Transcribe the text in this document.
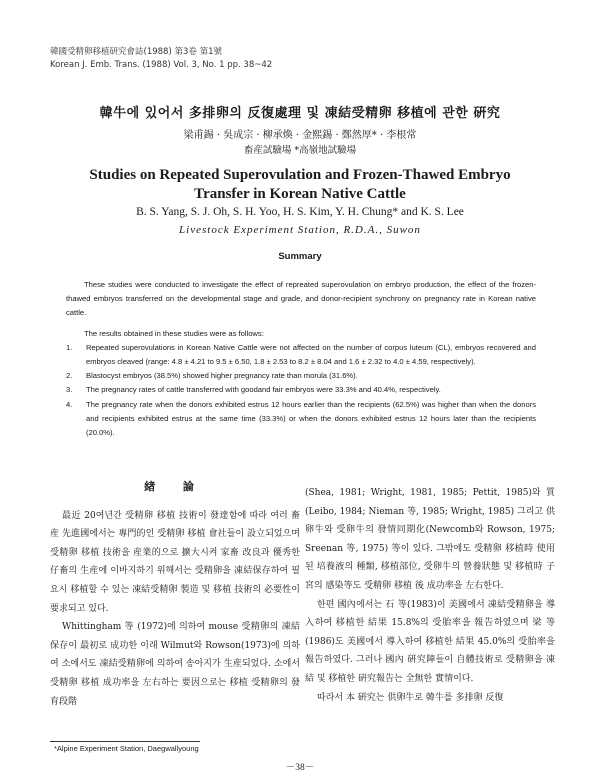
韓國受精卵移植研究會誌(1988) 第3卷 第1號
Korean J. Emb. Trans. (1988) Vol. 3, No. 1 pp. 38~42
韓牛에 있어서 多排卵의 反復處理 및 凍結受精卵 移植에 관한 硏究
梁甫錫 · 吳成宗 · 柳承煥 · 金熙錫 · 鄭然厚* · 李根常
畜産試驗場 *高嶺地試驗場
Studies on Repeated Superovulation and Frozen-Thawed Embryo
Transfer in Korean Native Cattle
B. S. Yang, S. J. Oh, S. H. Yoo, H. S. Kim, Y. H. Chung* and K. S. Lee
Livestock Experiment Station, R.D.A., Suwon
Summary

These studies were conducted to investigate the effect of repreated superovulation on embryo production, the effect of the frozen-thawed embryos transferred on the developmental stage and grade, and donor-recipient synchrony on pregnancy rate in Korean native cattle.

The results obtained in these studies were as follows:

1. Repeated superovulations in Korean Native Cattle were not affected on the number of corpus luteum (CL), embryos recovered and embryos cleaved (range: 4.8 ± 4.21 to 9.5 ± 6.50, 1.8 ± 2.53 to 8.2 ± 8.04 and 1.6 ± 2.32 to 4.0 ± 4.59, respectively).
2. Blastocyst embryos (38.5%) showed higher pregnancy rate than morula (31.6%).
3. The pregnancy rates of cattle transferred with goodand fair embryos were 33.3% and 40.4%, respectively.
4. The pregnancy rate when the donors exhibited estrus 12 hours earlier than the recipients (62.5%) was higher than when the donors and recipients exhibited estrus at the same time (33.3%) or when the donors exhibited estrus 12 hours later than the recipients (20.0%).
緖 論

最近 20여년간 受精卵 移植 技術이 發達함에 따라 여러 畜産 先進國에서는 專門的인 受精卵 移植 會社들이 設立되었으며 受精卵 移植 技術을 産業的으로 擴大시켜 家畜 改良과 優秀한 仔畜의 生産에 이바지하기 위해서는 受精卵을 凍結保存하여 필요시 移植할 수 있는 凍結受精卵 製造 및 移植 技術의 必要性이 要求되고 있다.

Whittingham 等 (1972)에 의하여 mouse 受精卵의 凍結保存이 最初로 成功한 이래 Wilmut와 Rowson(1973)에 의하여 소에서도 凍結受精卵에 의하여 송아지가 生産되었다. 소에서 受精卵 移植 成功率을 左右하는 要因으로는 移植 受精卵의 發育段階

(Shea, 1981; Wright, 1981, 1985; Pettit, 1985)와 質(Leibo, 1984; Nieman 等, 1985; Wright, 1985) 그리고 供卵牛와 受卵牛의 發情同期化(Newcomb와 Rowson, 1975; Sreenan 等, 1975) 等이 있다. 그밖에도 受精卵 移植時 使用된 培養液의 種類, 移植部位, 受卵牛의 營養狀態 및 移植時 子宮의 感染等도 受精卵 移植 後 成功率을 左右한다.

한편 國內에서는 石 等(1983)이 美國에서 凍結受精卵을 導入하여 移植한 結果 15.8%의 受胎率을 報告하였으며 梁 等 (1986)도 美國에서 導入하여 移植한 結果 45.0%의 受胎率을 報告하였다. 그러나 國內 硏究陣들이 自體技術로 受精卵을 凍結 및 移植한 硏究報告는 全無한 實情이다.

따라서 本 硏究는 供卵牛로 韓牛를 多排卵 反復

*Alpine Experiment Station, Daegwallyoung
－38－
